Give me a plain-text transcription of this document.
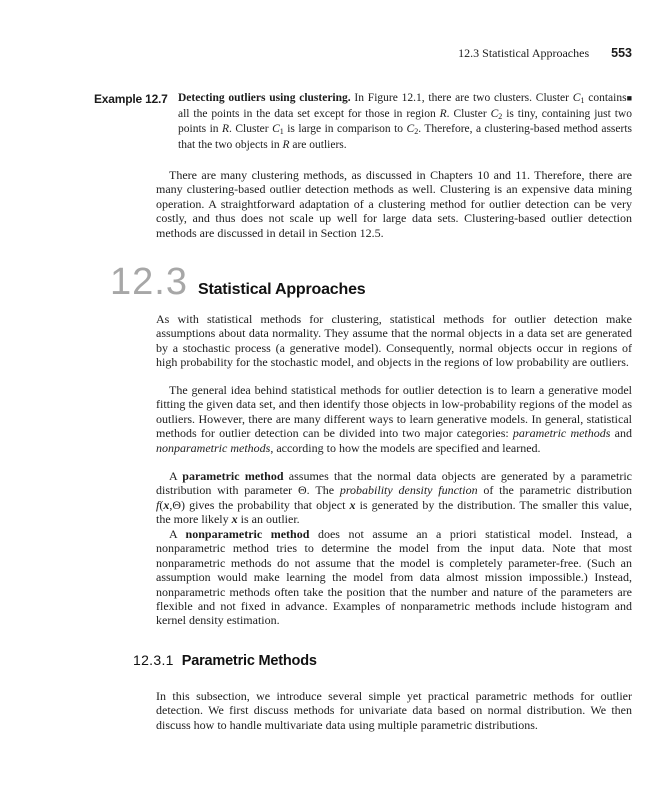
12.3 Statistical Approaches 553
Example 12.7	■
Detecting outliers using clustering. In Figure 12.1, there are two clusters. Cluster C1 contains all the points in the data set except for those in region R. Cluster C2 is tiny, containing just two points in R. Cluster C1 is large in comparison to C2. Therefore, a clustering-based method asserts that the two objects in R are outliers.
There are many clustering methods, as discussed in Chapters 10 and 11. Therefore, there are many clustering-based outlier detection methods as well. Clustering is an expensive data mining operation. A straightforward adaptation of a clustering method for outlier detection can be very costly, and thus does not scale up well for large data sets. Clustering-based outlier detection methods are discussed in detail in Section 12.5.
12.3 Statistical Approaches
As with statistical methods for clustering, statistical methods for outlier detection make assumptions about data normality. They assume that the normal objects in a data set are generated by a stochastic process (a generative model). Consequently, normal objects occur in regions of high probability for the stochastic model, and objects in the regions of low probability are outliers.
The general idea behind statistical methods for outlier detection is to learn a generative model fitting the given data set, and then identify those objects in low-probability regions of the model as outliers. However, there are many different ways to learn generative models. In general, statistical methods for outlier detection can be divided into two major categories: parametric methods and nonparametric methods, according to how the models are specified and learned.
A parametric method assumes that the normal data objects are generated by a parametric distribution with parameter Θ. The probability density function of the parametric distribution f(x,Θ) gives the probability that object x is generated by the distribution. The smaller this value, the more likely x is an outlier.
A nonparametric method does not assume an a priori statistical model. Instead, a nonparametric method tries to determine the model from the input data. Note that most nonparametric methods do not assume that the model is completely parameter-free. (Such an assumption would make learning the model from data almost mission impossible.) Instead, nonparametric methods often take the position that the number and nature of the parameters are flexible and not fixed in advance. Examples of nonparametric methods include histogram and kernel density estimation.
12.3.1 Parametric Methods
In this subsection, we introduce several simple yet practical parametric methods for outlier detection. We first discuss methods for univariate data based on normal distribution. We then discuss how to handle multivariate data using multiple parametric distributions.
